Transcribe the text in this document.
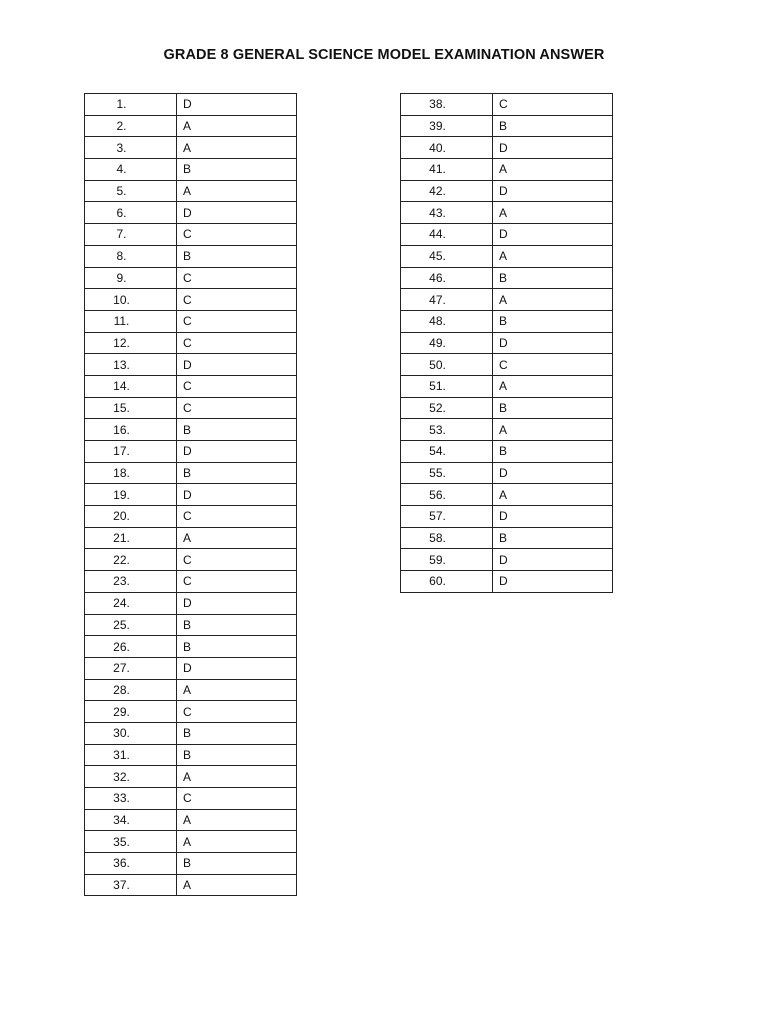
GRADE 8 GENERAL SCIENCE MODEL EXAMINATION ANSWER
1.	D
2.	A
3.	A
4.	B
5.	A
6.	D
7.	C
8.	B
9.	C
10.	C
11.	C
12.	C
13.	D
14.	C
15.	C
16.	B
17.	D
18.	B
19.	D
20.	C
21.	A
22.	C
23.	C
24.	D
25.	B
26.	B
27.	D
28.	A
29.	C
30.	B
31.	B
32.	A
33.	C
34.	A
35.	A
36.	B
37.	A
38.	C
39.	B
40.	D
41.	A
42.	D
43.	A
44.	D
45.	A
46.	B
47.	A
48.	B
49.	D
50.	C
51.	A
52.	B
53.	A
54.	B
55.	D
56.	A
57.	D
58.	B
59.	D
60.	D
